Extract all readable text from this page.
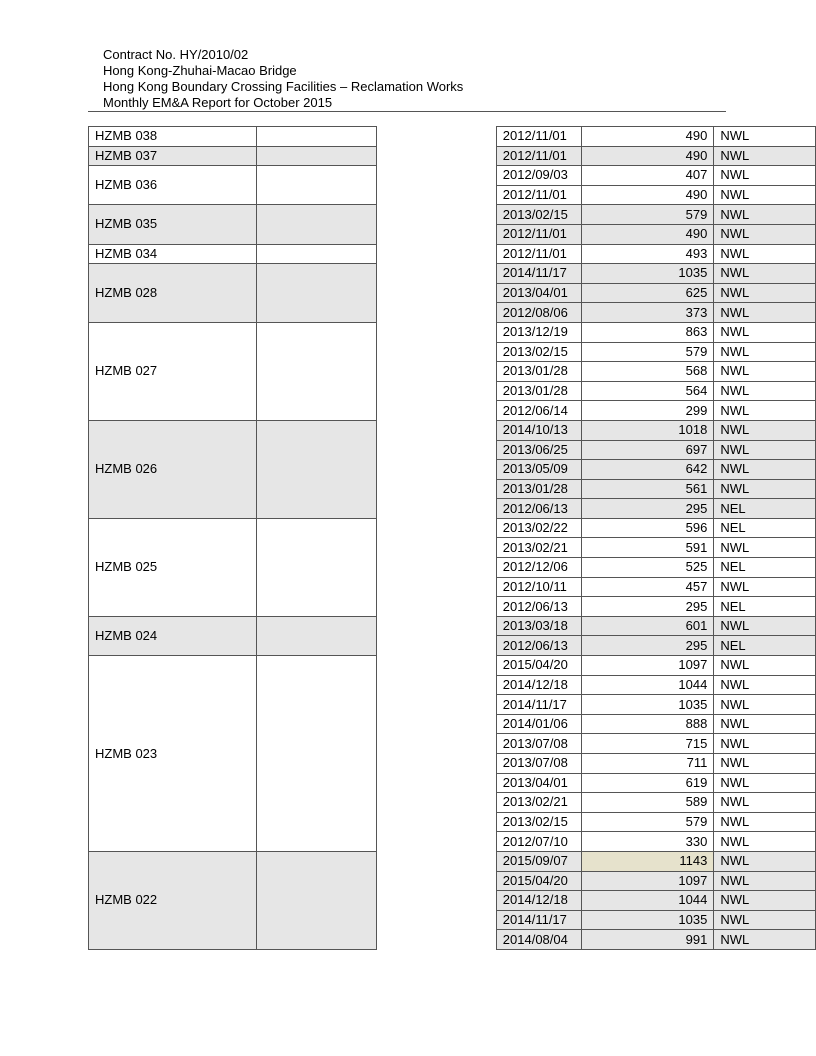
Contract No. HY/2010/02
Hong Kong-Zhuhai-Macao Bridge
Hong Kong Boundary Crossing Facilities – Reclamation Works
Monthly EM&A Report for October 2015
HZMB 038			2012/11/01	490	NWL
HZMB 037			2012/11/01	490	NWL
HZMB 036			2012/09/03	407	NWL
			2012/11/01	490	NWL
HZMB 035			2013/02/15	579	NWL
			2012/11/01	490	NWL
HZMB 034			2012/11/01	493	NWL
HZMB 028			2014/11/17	1035	NWL
			2013/04/01	625	NWL
			2012/08/06	373	NWL
HZMB 027			2013/12/19	863	NWL
			2013/02/15	579	NWL
			2013/01/28	568	NWL
			2013/01/28	564	NWL
			2012/06/14	299	NWL
HZMB 026			2014/10/13	1018	NWL
			2013/06/25	697	NWL
			2013/05/09	642	NWL
			2013/01/28	561	NWL
			2012/06/13	295	NEL
HZMB 025			2013/02/22	596	NEL
			2013/02/21	591	NWL
			2012/12/06	525	NEL
			2012/10/11	457	NWL
			2012/06/13	295	NEL
HZMB 024			2013/03/18	601	NWL
			2012/06/13	295	NEL
HZMB 023			2015/04/20	1097	NWL
			2014/12/18	1044	NWL
			2014/11/17	1035	NWL
			2014/01/06	888	NWL
			2013/07/08	715	NWL
			2013/07/08	711	NWL
			2013/04/01	619	NWL
			2013/02/21	589	NWL
			2013/02/15	579	NWL
			2012/07/10	330	NWL
HZMB 022			2015/09/07	1143	NWL
			2015/04/20	1097	NWL
			2014/12/18	1044	NWL
			2014/11/17	1035	NWL
			2014/08/04	991	NWL
